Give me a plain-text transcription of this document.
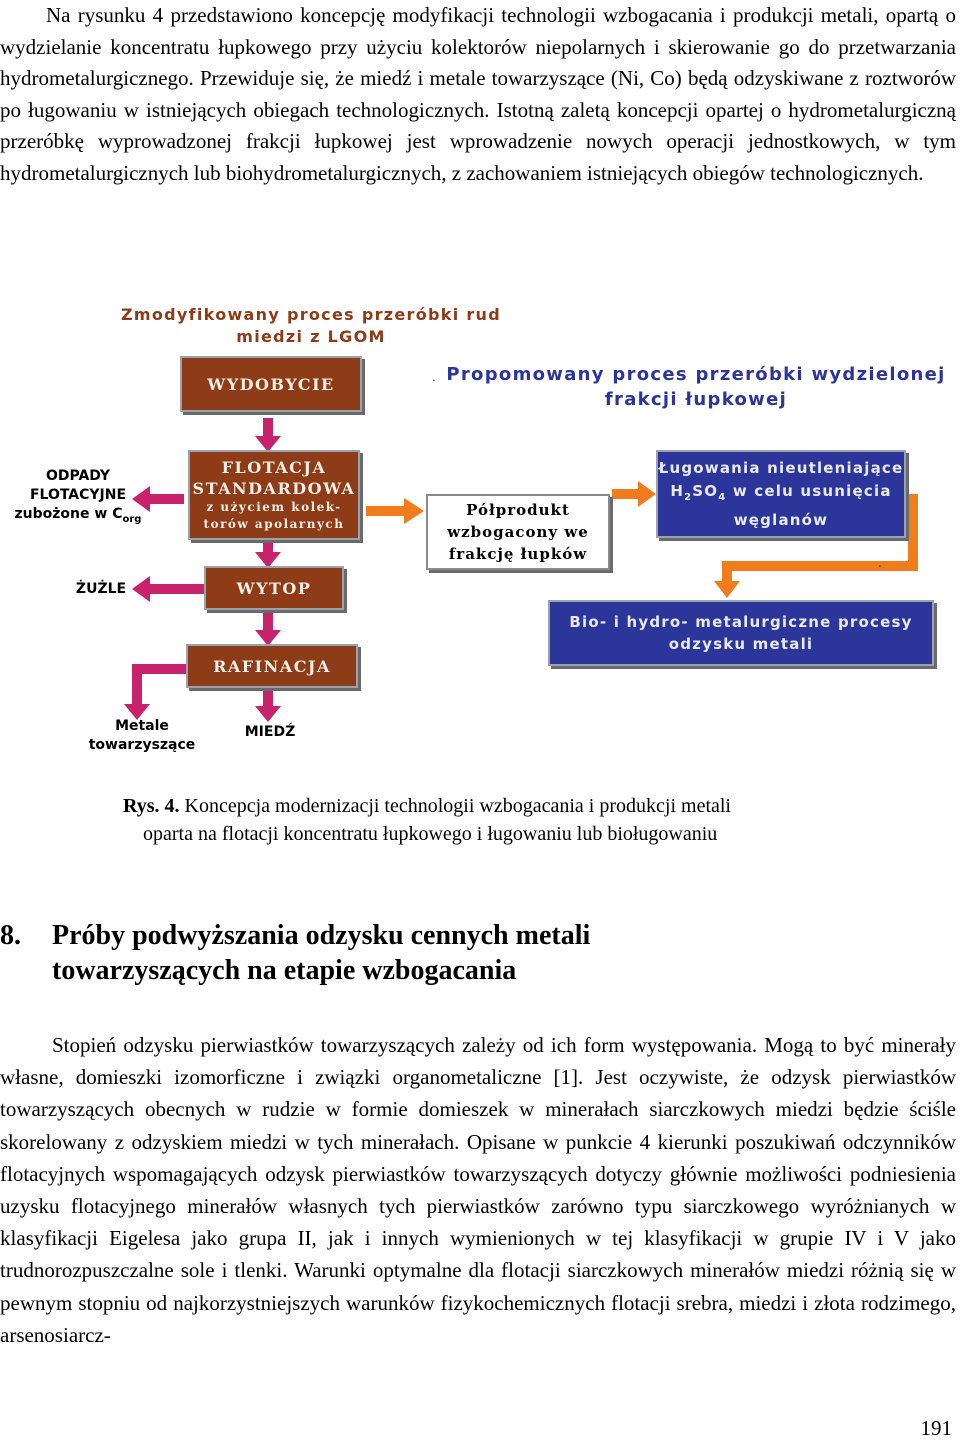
Na rysunku 4 przedstawiono koncepcję modyfikacji technologii wzbogacania i produkcji metali, opartą o wydzielanie koncentratu łupkowego przy użyciu kolektorów niepolarnych i skierowanie go do przetwarzania hydrometalurgicznego. Przewiduje się, że miedź i metale towarzyszące (Ni, Co) będą odzyskiwane z roztworów po ługowaniu w istniejących obiegach technologicznych. Istotną zaletą koncepcji opartej o hydrometalurgiczną przeróbkę wyprowadzonej frakcji łupkowej jest wprowadzenie nowych operacji jednostkowych, w tym hydrometalurgicznych lub biohydrometalurgicznych, z zachowaniem istniejących obiegów technologicznych.

Zmodyfikowany proces przeróbki rud
miedzi z LGOM
. Propomowany proces przeróbki wydzielonej
frakcji łupkowej
WYDOBYCIE
FLOTACJA
STANDARDOWA
z użyciem kolek-
torów apolarnych
WYTOP
RAFINACJA
Półprodukt
wzbogacony we
frakcję łupków
Ługowania nieutleniające
$H_2SO_4$ w celu usunięcia
węglanów
.
Bio- i hydro- metalurgiczne procesy
odzysku metali
ODPADY
FLOTACYJNE
zubożone w $C_{org}$
ŻUŻLE
Metale
towarzyszące
MIEDŹ
Rys. 4. Koncepcja modernizacji technologii wzbogacania i produkcji metali
oparta na flotacji koncentratu łupkowego i ługowaniu lub bioługowaniu
8. Próby podwyższania odzysku cennych metali
towarzyszących na etapie wzbogacania

Stopień odzysku pierwiastków towarzyszących zależy od ich form występowania. Mogą to być minerały własne, domieszki izomorficzne i związki organometaliczne [1]. Jest oczywiste, że odzysk pierwiastków towarzyszących obecnych w rudzie w formie domieszek w minerałach siarczkowych miedzi będzie ściśle skorelowany z odzyskiem miedzi w tych minerałach. Opisane w punkcie 4 kierunki poszukiwań odczynników flotacyjnych wspomagających odzysk pierwiastków towarzyszących dotyczy głównie możliwości podniesienia uzysku flotacyjnego minerałów własnych tych pierwiastków zarówno typu siarczkowego wyróżnianych w klasyfikacji Eigelesa jako grupa II, jak i innych wymienionych w tej klasyfikacji w grupie IV i V jako trudnorozpuszczalne sole i tlenki. Warunki optymalne dla flotacji siarczkowych minerałów miedzi różnią się w pewnym stopniu od najkorzystniejszych warunków fizykochemicznych flotacji srebra, miedzi i złota rodzimego, arsenosiarcz-

191
